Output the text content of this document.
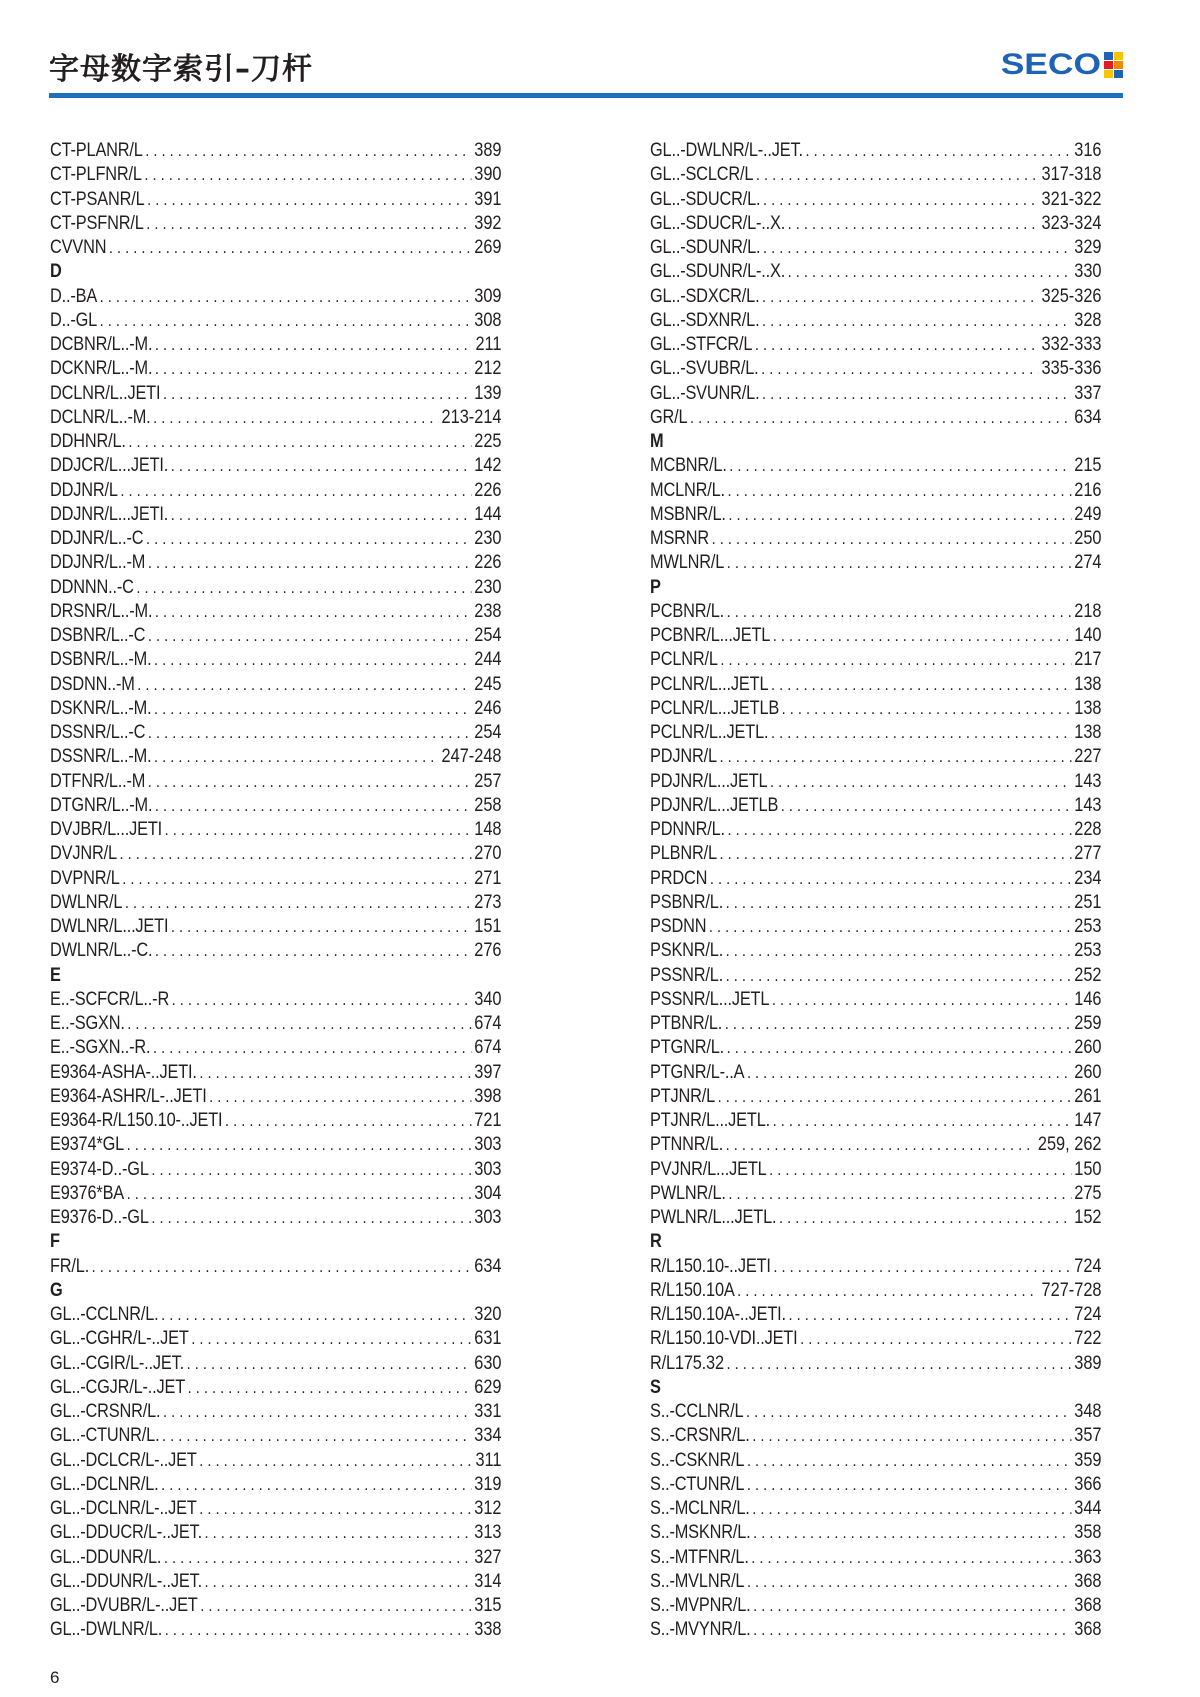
字母数字索引–刀杆	SECO
CT-PLANR/L . . .	389
CT-PLFNR/L . . .	390
CT-PSANR/L . . .	391
CT-PSFNR/L . . .	392
CVVNN . . .	269
D
D..-BA . . .	309
D..-GL . . .	308
DCBNR/L..-M. . . .	211
DCKNR/L..-M. . . .	212
DCLNR/L..JETI . . .	139
DCLNR/L..-M. . . .	213-214
DDHNR/L. . . .	225
DDJCR/L...JETI. . . .	142
DDJNR/L . . .	226
DDJNR/L...JETI. . . .	144
DDJNR/L..-C . . .	230
DDJNR/L..-M . . .	226
DDNNN..-C . . .	230
DRSNR/L..-M. . . .	238
DSBNR/L..-C . . .	254
DSBNR/L..-M. . . .	244
DSDNN..-M . . .	245
DSKNR/L..-M. . . .	246
DSSNR/L..-C . . .	254
DSSNR/L..-M. . . .	247-248
DTFNR/L..-M . . .	257
DTGNR/L..-M. . . .	258
DVJBR/L...JETI . . .	148
DVJNR/L . . .	270
DVPNR/L . . .	271
DWLNR/L . . .	273
DWLNR/L...JETI . . .	151
DWLNR/L..-C. . . .	276
E
E..-SCFCR/L..-R . . .	340
E..-SGXN. . . .	674
E..-SGXN..-R. . . .	674
E9364-ASHA-..JETI. . . .	397
E9364-ASHR/L-..JETI . . .	398
E9364-R/L150.10-..JETI . . .	721
E9374*GL . . .	303
E9374-D..-GL . . .	303
E9376*BA . . .	304
E9376-D..-GL . . .	303
F
FR/L. . . .	634
G
GL..-CCLNR/L. . . .	320
GL..-CGHR/L-..JET . . .	631
GL..-CGIR/L-..JET. . . .	630
GL..-CGJR/L-..JET . . .	629
GL..-CRSNR/L. . . .	331
GL..-CTUNR/L. . . .	334
GL..-DCLCR/L-..JET . . .	311
GL..-DCLNR/L. . . .	319
GL..-DCLNR/L-..JET . . .	312
GL..-DDUCR/L-..JET. . . .	313
GL..-DDUNR/L. . . .	327
GL..-DDUNR/L-..JET. . . .	314
GL..-DVUBR/L-..JET . . .	315
GL..-DWLNR/L. . . .	338
GL..-DWLNR/L-..JET. . . .	316
GL..-SCLCR/L . . .	317-318
GL..-SDUCR/L. . . .	321-322
GL..-SDUCR/L-..X. . . .	323-324
GL..-SDUNR/L. . . .	329
GL..-SDUNR/L-..X. . . .	330
GL..-SDXCR/L. . . .	325-326
GL..-SDXNR/L. . . .	328
GL..-STFCR/L . . .	332-333
GL..-SVUBR/L. . . .	335-336
GL..-SVUNR/L. . . .	337
GR/L . . .	634
M
MCBNR/L. . . .	215
MCLNR/L. . . .	216
MSBNR/L. . . .	249
MSRNR . . .	250
MWLNR/L . . .	274
P
PCBNR/L. . . .	218
PCBNR/L...JETL . . .	140
PCLNR/L . . .	217
PCLNR/L...JETL . . .	138
PCLNR/L...JETLB . . .	138
PCLNR/L..JETL. . . .	138
PDJNR/L . . .	227
PDJNR/L...JETL . . .	143
PDJNR/L...JETLB . . .	143
PDNNR/L. . . .	228
PLBNR/L . . .	277
PRDCN . . .	234
PSBNR/L. . . .	251
PSDNN . . .	253
PSKNR/L. . . .	253
PSSNR/L. . . .	252
PSSNR/L...JETL . . .	146
PTBNR/L. . . .	259
PTGNR/L. . . .	260
PTGNR/L-..A . . .	260
PTJNR/L . . .	261
PTJNR/L...JETL. . . .	147
PTNNR/L. . . .	259, 262
PVJNR/L...JETL . . .	150
PWLNR/L. . . .	275
PWLNR/L...JETL. . . .	152
R
R/L150.10-..JETI . . .	724
R/L150.10A . . .	727-728
R/L150.10A-..JETI. . . .	724
R/L150.10-VDI..JETI . . .	722
R/L175.32 . . .	389
S
S..-CCLNR/L . . .	348
S..-CRSNR/L. . . .	357
S..-CSKNR/L . . .	359
S..-CTUNR/L . . .	366
S..-MCLNR/L. . . .	344
S..-MSKNR/L. . . .	358
S..-MTFNR/L. . . .	363
S..-MVLNR/L . . .	368
S..-MVPNR/L. . . .	368
S..-MVYNR/L. . . .	368
6
